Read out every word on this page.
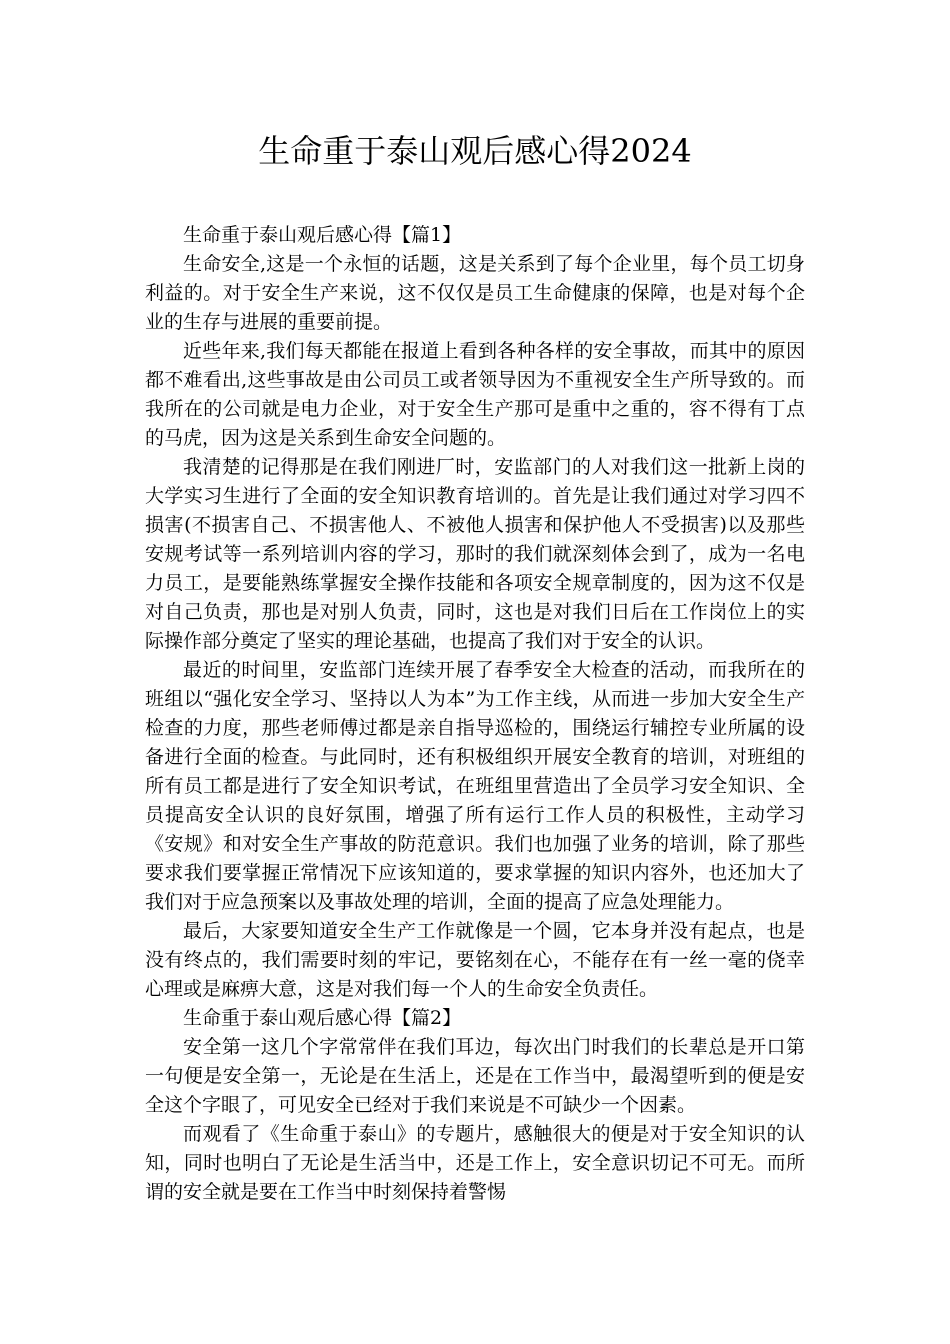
生命重于泰山观后感心得2024

生命重于泰山观后感心得【篇1】

生命安全,这是一个永恒的话题，这是关系到了每个企业里，每个员工切身利益的。对于安全生产来说，这不仅仅是员工生命健康的保障，也是对每个企业的生存与进展的重要前提。

近些年来,我们每天都能在报道上看到各种各样的安全事故，而其中的原因都不难看出,这些事故是由公司员工或者领导因为不重视安全生产所导致的。而我所在的公司就是电力企业，对于安全生产那可是重中之重的，容不得有丁点的马虎，因为这是关系到生命安全问题的。

我清楚的记得那是在我们刚进厂时，安监部门的人对我们这一批新上岗的大学实习生进行了全面的安全知识教育培训的。首先是让我们通过对学习四不损害(不损害自己、不损害他人、不被他人损害和保护他人不受损害)以及那些安规考试等一系列培训内容的学习，那时的我们就深刻体会到了，成为一名电力员工，是要能熟练掌握安全操作技能和各项安全规章制度的，因为这不仅是对自己负责，那也是对别人负责，同时，这也是对我们日后在工作岗位上的实际操作部分奠定了坚实的理论基础，也提高了我们对于安全的认识。

最近的时间里，安监部门连续开展了春季安全大检查的活动，而我所在的班组以“强化安全学习、坚持以人为本”为工作主线，从而进一步加大安全生产检查的力度，那些老师傅过都是亲自指导巡检的，围绕运行辅控专业所属的设备进行全面的检查。与此同时，还有积极组织开展安全教育的培训，对班组的所有员工都是进行了安全知识考试，在班组里营造出了全员学习安全知识、全员提高安全认识的良好氛围，增强了所有运行工作人员的积极性，主动学习《安规》和对安全生产事故的防范意识。我们也加强了业务的培训，除了那些要求我们要掌握正常情况下应该知道的，要求掌握的知识内容外，也还加大了我们对于应急预案以及事故处理的培训，全面的提高了应急处理能力。

最后，大家要知道安全生产工作就像是一个圆，它本身并没有起点，也是没有终点的，我们需要时刻的牢记，要铭刻在心，不能存在有一丝一毫的侥幸心理或是麻痹大意，这是对我们每一个人的生命安全负责任。

生命重于泰山观后感心得【篇2】

安全第一这几个字常常伴在我们耳边，每次出门时我们的长辈总是开口第一句便是安全第一，无论是在生活上，还是在工作当中，最渴望听到的便是安全这个字眼了，可见安全已经对于我们来说是不可缺少一个因素。

而观看了《生命重于泰山》的专题片，感触很大的便是对于安全知识的认知，同时也明白了无论是生活当中，还是工作上，安全意识切记不可无。而所谓的安全就是要在工作当中时刻保持着警惕
